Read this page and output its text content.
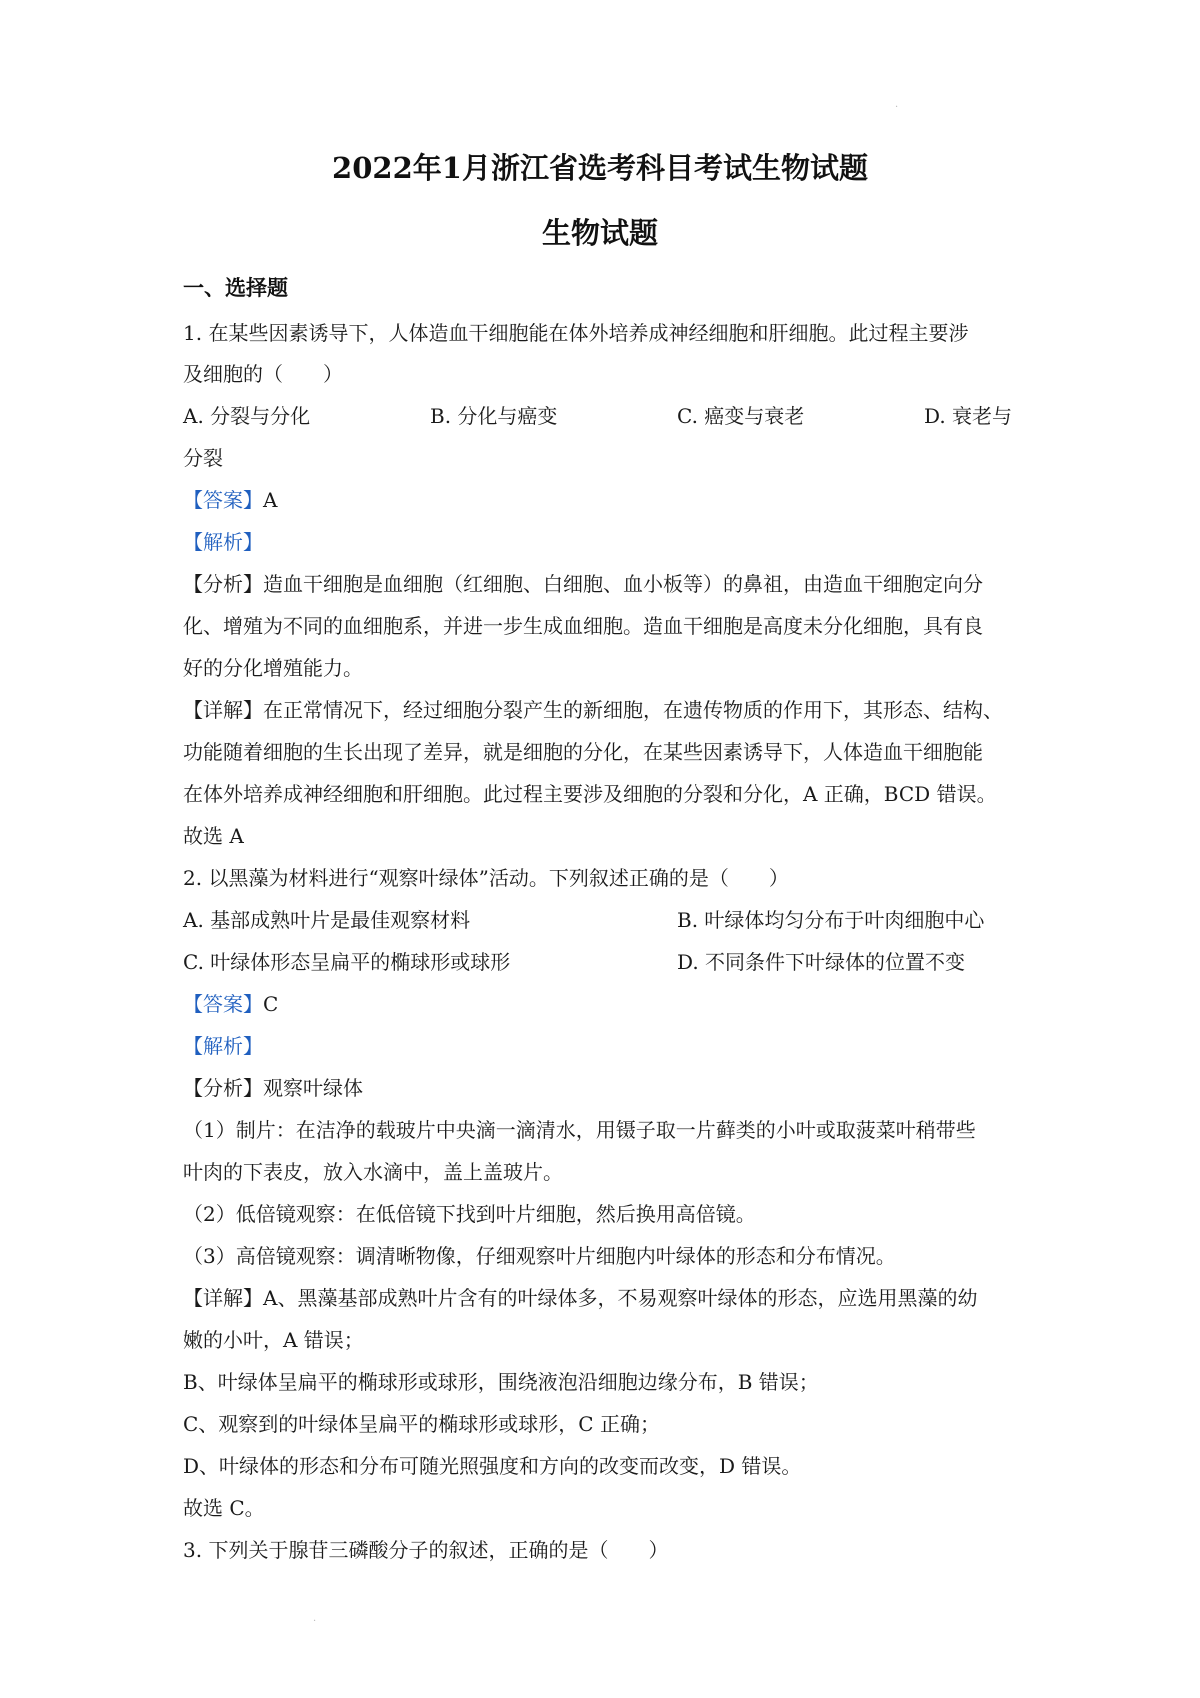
·
2022年1月浙江省选考科目考试生物试题
生物试题
一、选择题
1. 在某些因素诱导下，人体造血干细胞能在体外培养成神经细胞和肝细胞。此过程主要涉
及细胞的（　　）
A. 分裂与分化	B. 分化与癌变	C. 癌变与衰老	D. 衰老与
分裂
【答案】A
【解析】
【分析】造血干细胞是血细胞（红细胞、白细胞、血小板等）的鼻祖，由造血干细胞定向分
化、增殖为不同的血细胞系，并进一步生成血细胞。造血干细胞是高度未分化细胞，具有良
好的分化增殖能力。
【详解】在正常情况下，经过细胞分裂产生的新细胞，在遗传物质的作用下，其形态、结构、
功能随着细胞的生长出现了差异，就是细胞的分化，在某些因素诱导下，人体造血干细胞能
在体外培养成神经细胞和肝细胞。此过程主要涉及细胞的分裂和分化，A 正确，BCD 错误。
故选 A
2. 以黑藻为材料进行“观察叶绿体”活动。下列叙述正确的是（　　）
A. 基部成熟叶片是最佳观察材料	B. 叶绿体均匀分布于叶肉细胞中心
C. 叶绿体形态呈扁平的椭球形或球形	D. 不同条件下叶绿体的位置不变
【答案】C
【解析】
【分析】观察叶绿体
（1）制片：在洁净的载玻片中央滴一滴清水，用镊子取一片藓类的小叶或取菠菜叶稍带些
叶肉的下表皮，放入水滴中，盖上盖玻片。
（2）低倍镜观察：在低倍镜下找到叶片细胞，然后换用高倍镜。
（3）高倍镜观察：调清晰物像，仔细观察叶片细胞内叶绿体的形态和分布情况。
【详解】A、黑藻基部成熟叶片含有的叶绿体多，不易观察叶绿体的形态，应选用黑藻的幼
嫩的小叶，A 错误；
B、叶绿体呈扁平的椭球形或球形，围绕液泡沿细胞边缘分布，B 错误；
C、观察到的叶绿体呈扁平的椭球形或球形，C 正确；
D、叶绿体的形态和分布可随光照强度和方向的改变而改变，D 错误。
故选 C。
3. 下列关于腺苷三磷酸分子的叙述，正确的是（　　）
·
